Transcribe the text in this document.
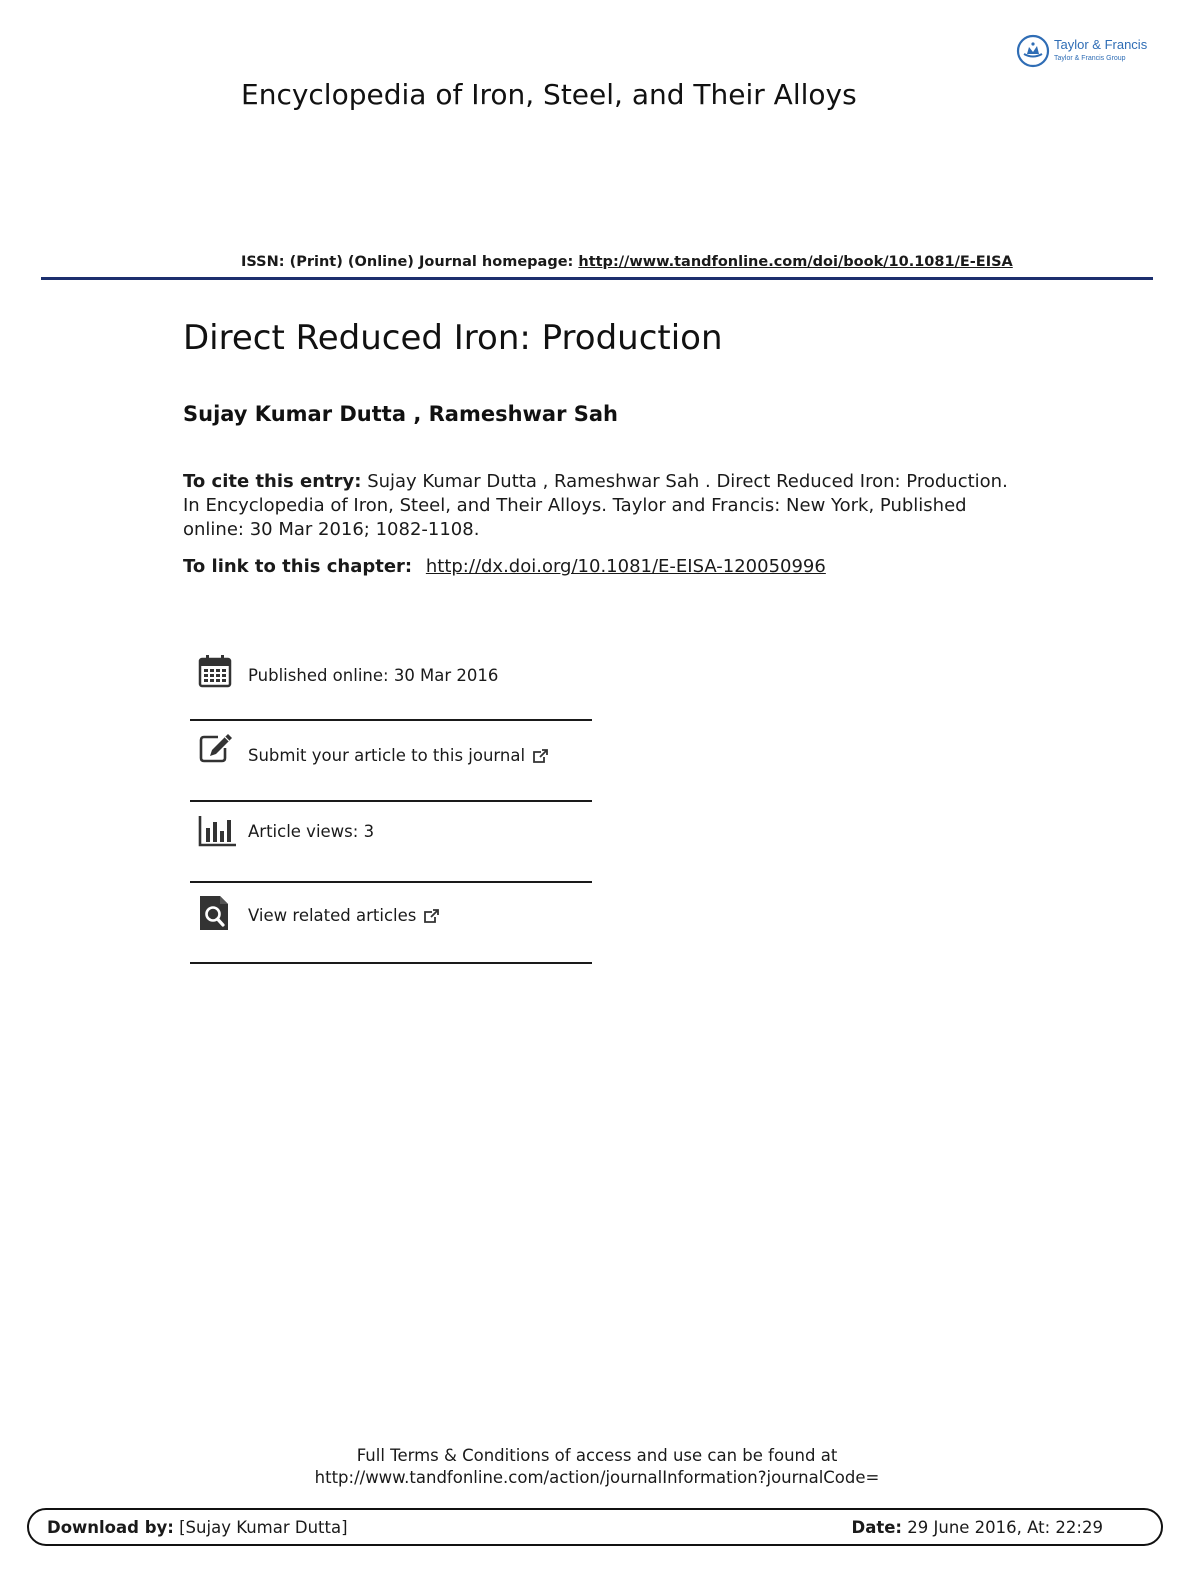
Taylor & Francis
Taylor & Francis Group
Encyclopedia of Iron, Steel, and Their Alloys
ISSN: (Print) (Online) Journal homepage: http://www.tandfonline.com/doi/book/10.1081/E-EISA
Direct Reduced Iron: Production
Sujay Kumar Dutta , Rameshwar Sah
To cite this entry: Sujay Kumar Dutta , Rameshwar Sah . Direct Reduced Iron: Production. In Encyclopedia of Iron, Steel, and Their Alloys. Taylor and Francis: New York, Published online: 30 Mar 2016; 1082-1108.
To link to this chapter: http://dx.doi.org/10.1081/E-EISA-120050996
Published online: 30 Mar 2016
Submit your article to this journal
Article views: 3
View related articles
Full Terms & Conditions of access and use can be found at
http://www.tandfonline.com/action/journalInformation?journalCode=
Download by: [Sujay Kumar Dutta]	Date: 29 June 2016, At: 22:29
